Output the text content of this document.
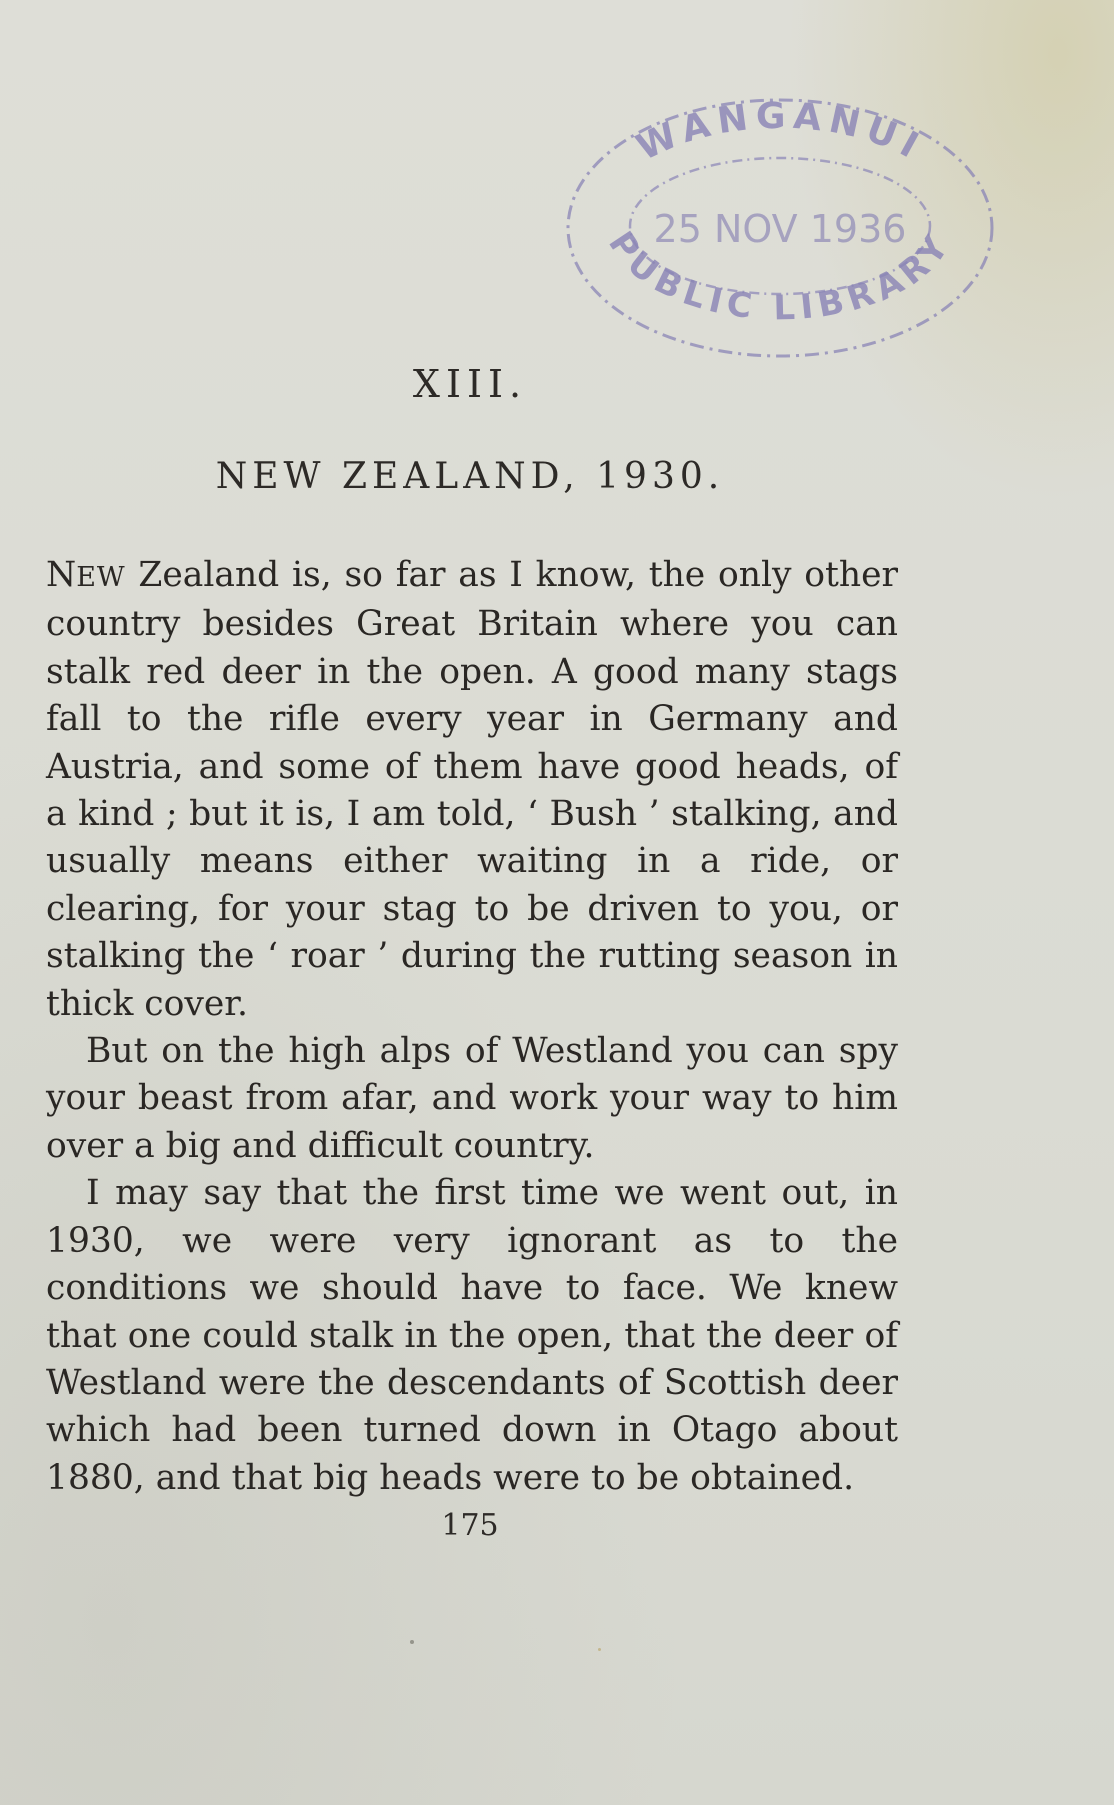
WANGANUI
25 NOV 1936
PUBLIC LIBRARY
XIII.
NEW ZEALAND, 1930.

NEW Zealand is, so far as I know, the only other country besides Great Britain where you can stalk red deer in the open. A good many stags fall to the rifle every year in Germany and Austria, and some of them have good heads, of a kind ; but it is, I am told, ‘ Bush ’ stalking, and usually means either waiting in a ride, or clearing, for your stag to be driven to you, or stalking the ‘ roar ’ during the rutting season in thick cover.

But on the high alps of Westland you can spy your beast from afar, and work your way to him over a big and difficult country.

I may say that the first time we went out, in 1930, we were very ignorant as to the conditions we should have to face. We knew that one could stalk in the open, that the deer of Westland were the descendants of Scottish deer which had been turned down in Otago about 1880, and that big heads were to be obtained.

175
